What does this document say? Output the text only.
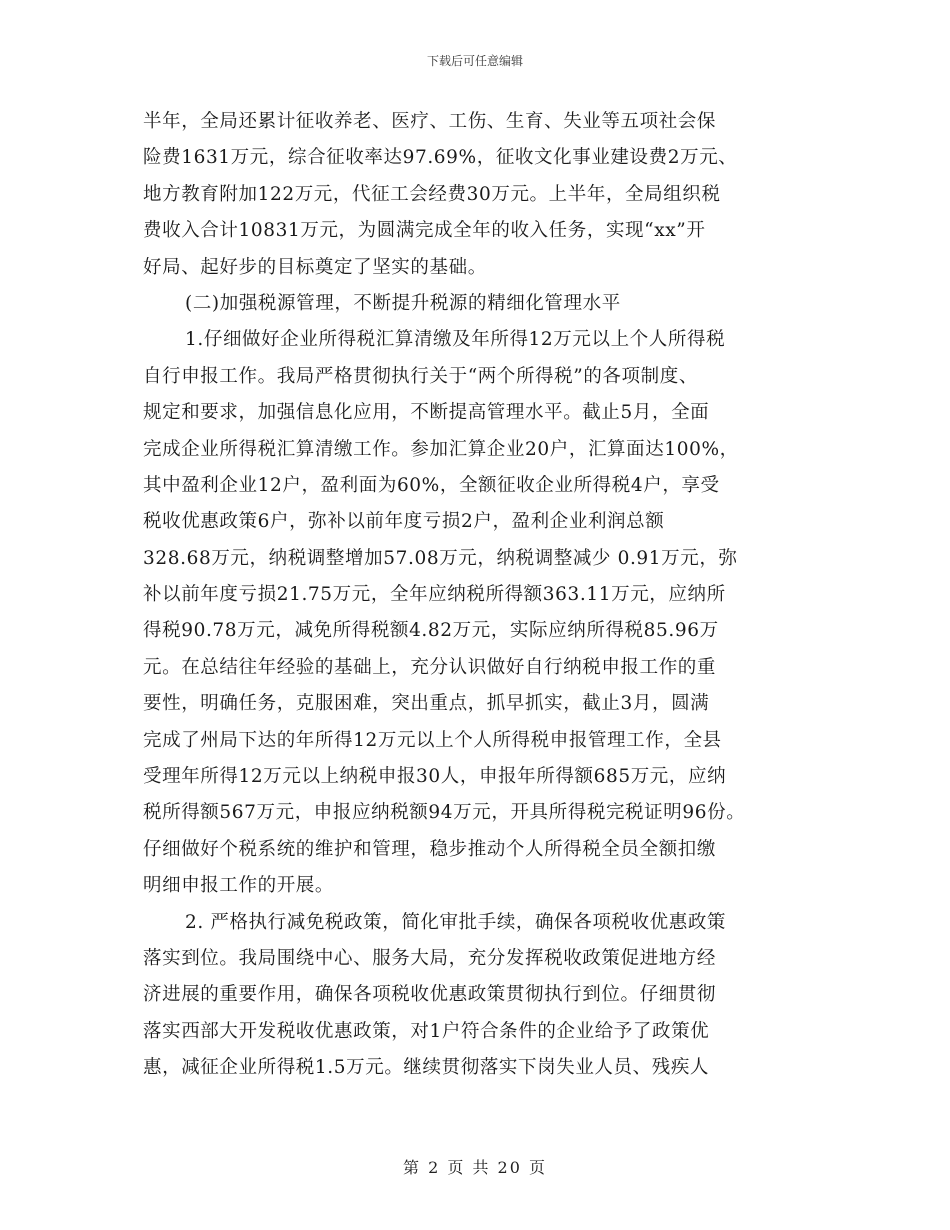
下载后可任意编辑
半年，全局还累计征收养老、医疗、工伤、生育、失业等五项社会保
险费1631万元，综合征收率达97.69%，征收文化事业建设费2万元、
地方教育附加122万元，代征工会经费30万元。上半年，全局组织税
费收入合计10831万元，为圆满完成全年的收入任务，实现“xx”开
好局、起好步的目标奠定了坚实的基础。
(二)加强税源管理，不断提升税源的精细化管理水平
1.仔细做好企业所得税汇算清缴及年所得12万元以上个人所得税
自行申报工作。我局严格贯彻执行关于“两个所得税”的各项制度、
规定和要求，加强信息化应用，不断提高管理水平。截止5月，全面
完成企业所得税汇算清缴工作。参加汇算企业20户，汇算面达100%，
其中盈利企业12户，盈利面为60%，全额征收企业所得税4户，享受
税收优惠政策6户，弥补以前年度亏损2户，盈利企业利润总额
328.68万元，纳税调整增加57.08万元，纳税调整减少 0.91万元，弥
补以前年度亏损21.75万元，全年应纳税所得额363.11万元，应纳所
得税90.78万元，减免所得税额4.82万元，实际应纳所得税85.96万
元。在总结往年经验的基础上，充分认识做好自行纳税申报工作的重
要性，明确任务，克服困难，突出重点，抓早抓实，截止3月，圆满
完成了州局下达的年所得12万元以上个人所得税申报管理工作，全县
受理年所得12万元以上纳税申报30人，申报年所得额685万元，应纳
税所得额567万元，申报应纳税额94万元，开具所得税完税证明96份。
仔细做好个税系统的维护和管理，稳步推动个人所得税全员全额扣缴
明细申报工作的开展。
2. 严格执行减免税政策，简化审批手续，确保各项税收优惠政策
落实到位。我局围绕中心、服务大局，充分发挥税收政策促进地方经
济进展的重要作用，确保各项税收优惠政策贯彻执行到位。仔细贯彻
落实西部大开发税收优惠政策，对1户符合条件的企业给予了政策优
惠，减征企业所得税1.5万元。继续贯彻落实下岗失业人员、残疾人
第 2 页 共 20 页
